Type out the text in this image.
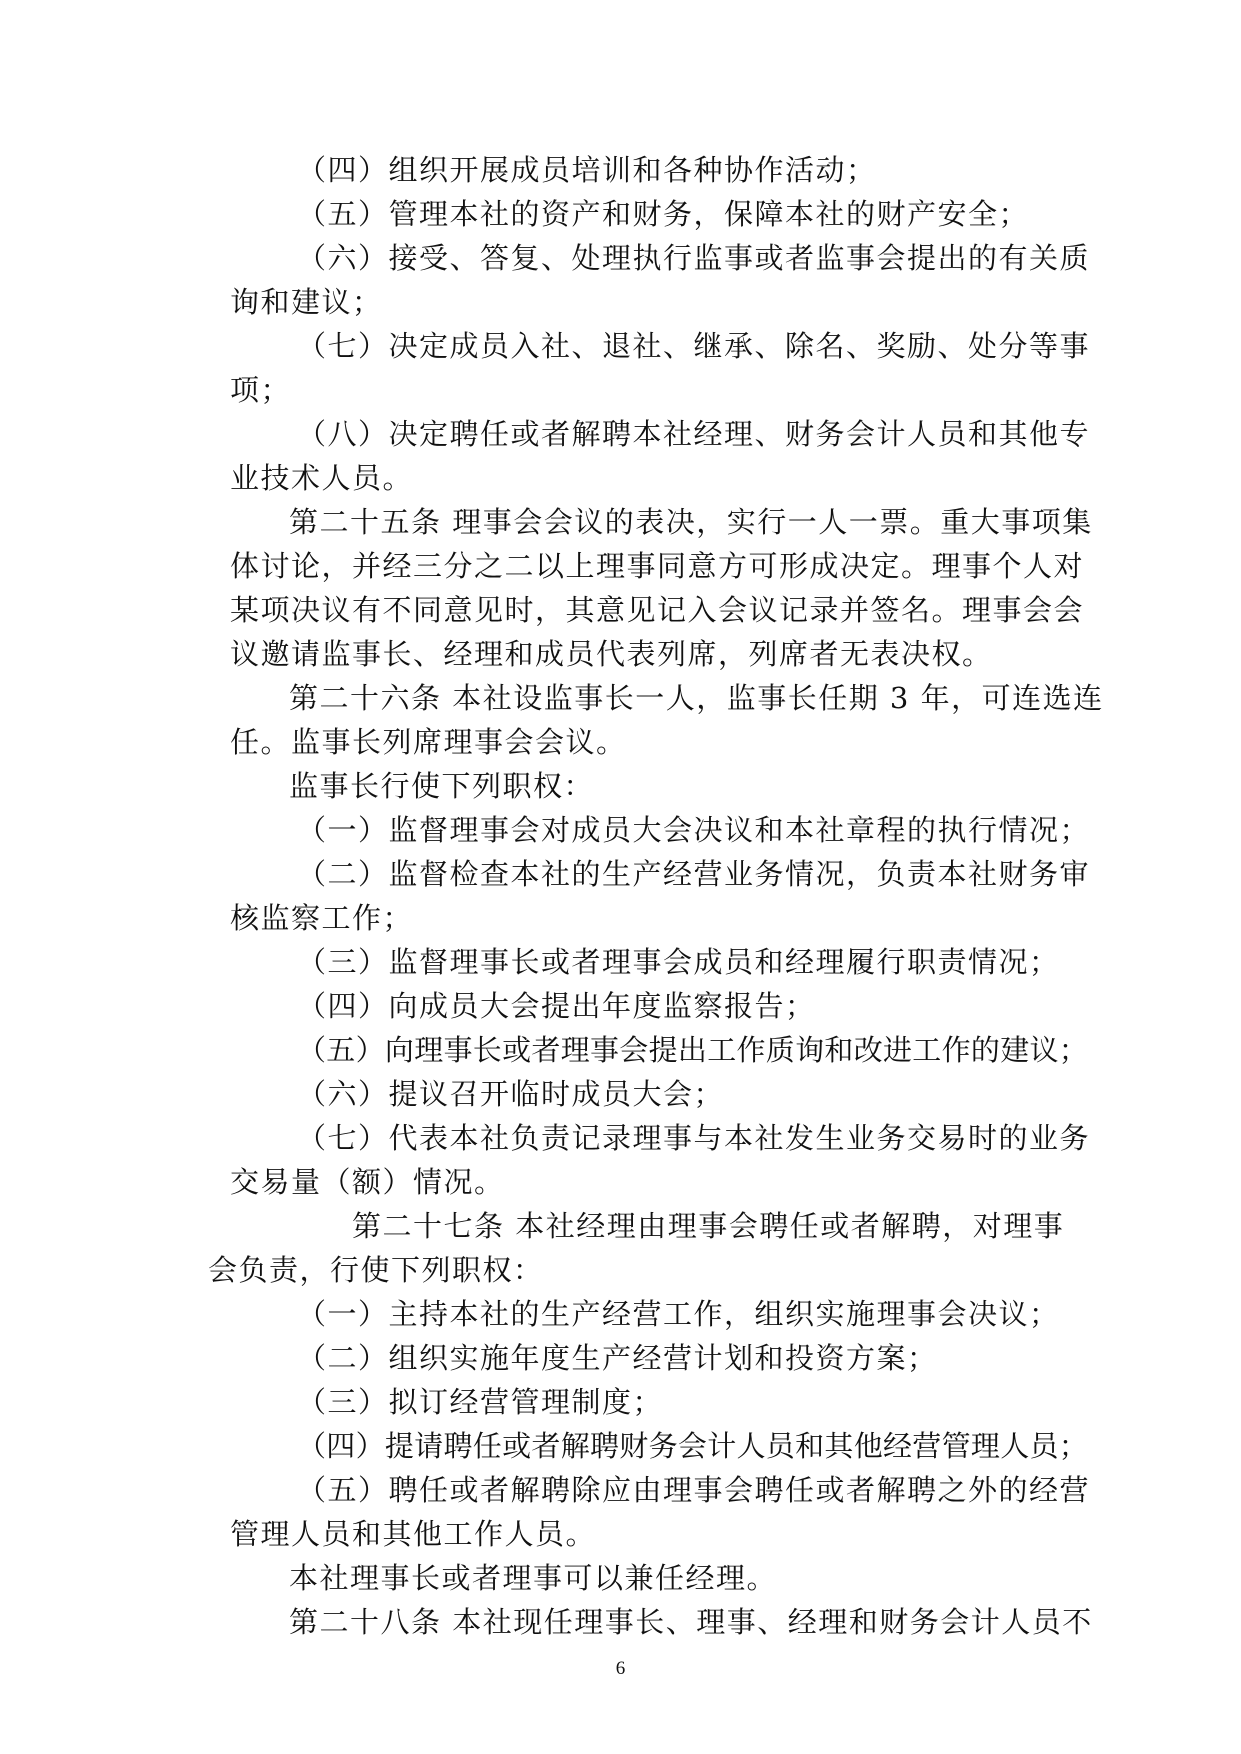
（四）组织开展成员培训和各种协作活动；
（五）管理本社的资产和财务，保障本社的财产安全；
（六）接受、答复、处理执行监事或者监事会提出的有关质
询和建议；
（七）决定成员入社、退社、继承、除名、奖励、处分等事
项；
（八）决定聘任或者解聘本社经理、财务会计人员和其他专
业技术人员。
第二十五条 理事会会议的表决，实行一人一票。重大事项集
体讨论，并经三分之二以上理事同意方可形成决定。理事个人对
某项决议有不同意见时，其意见记入会议记录并签名。理事会会
议邀请监事长、经理和成员代表列席，列席者无表决权。
第二十六条 本社设监事长一人，监事长任期 3 年，可连选连
任。监事长列席理事会会议。
监事长行使下列职权：
（一）监督理事会对成员大会决议和本社章程的执行情况；
（二）监督检查本社的生产经营业务情况，负责本社财务审
核监察工作；
（三）监督理事长或者理事会成员和经理履行职责情况；
（四）向成员大会提出年度监察报告；
（五）向理事长或者理事会提出工作质询和改进工作的建议；
（六）提议召开临时成员大会；
（七）代表本社负责记录理事与本社发生业务交易时的业务
交易量（额）情况。
第二十七条 本社经理由理事会聘任或者解聘，对理事
会负责，行使下列职权：
（一）主持本社的生产经营工作，组织实施理事会决议；
（二）组织实施年度生产经营计划和投资方案；
（三）拟订经营管理制度；
（四）提请聘任或者解聘财务会计人员和其他经营管理人员；
（五）聘任或者解聘除应由理事会聘任或者解聘之外的经营
管理人员和其他工作人员。
本社理事长或者理事可以兼任经理。
第二十八条 本社现任理事长、理事、经理和财务会计人员不
6
